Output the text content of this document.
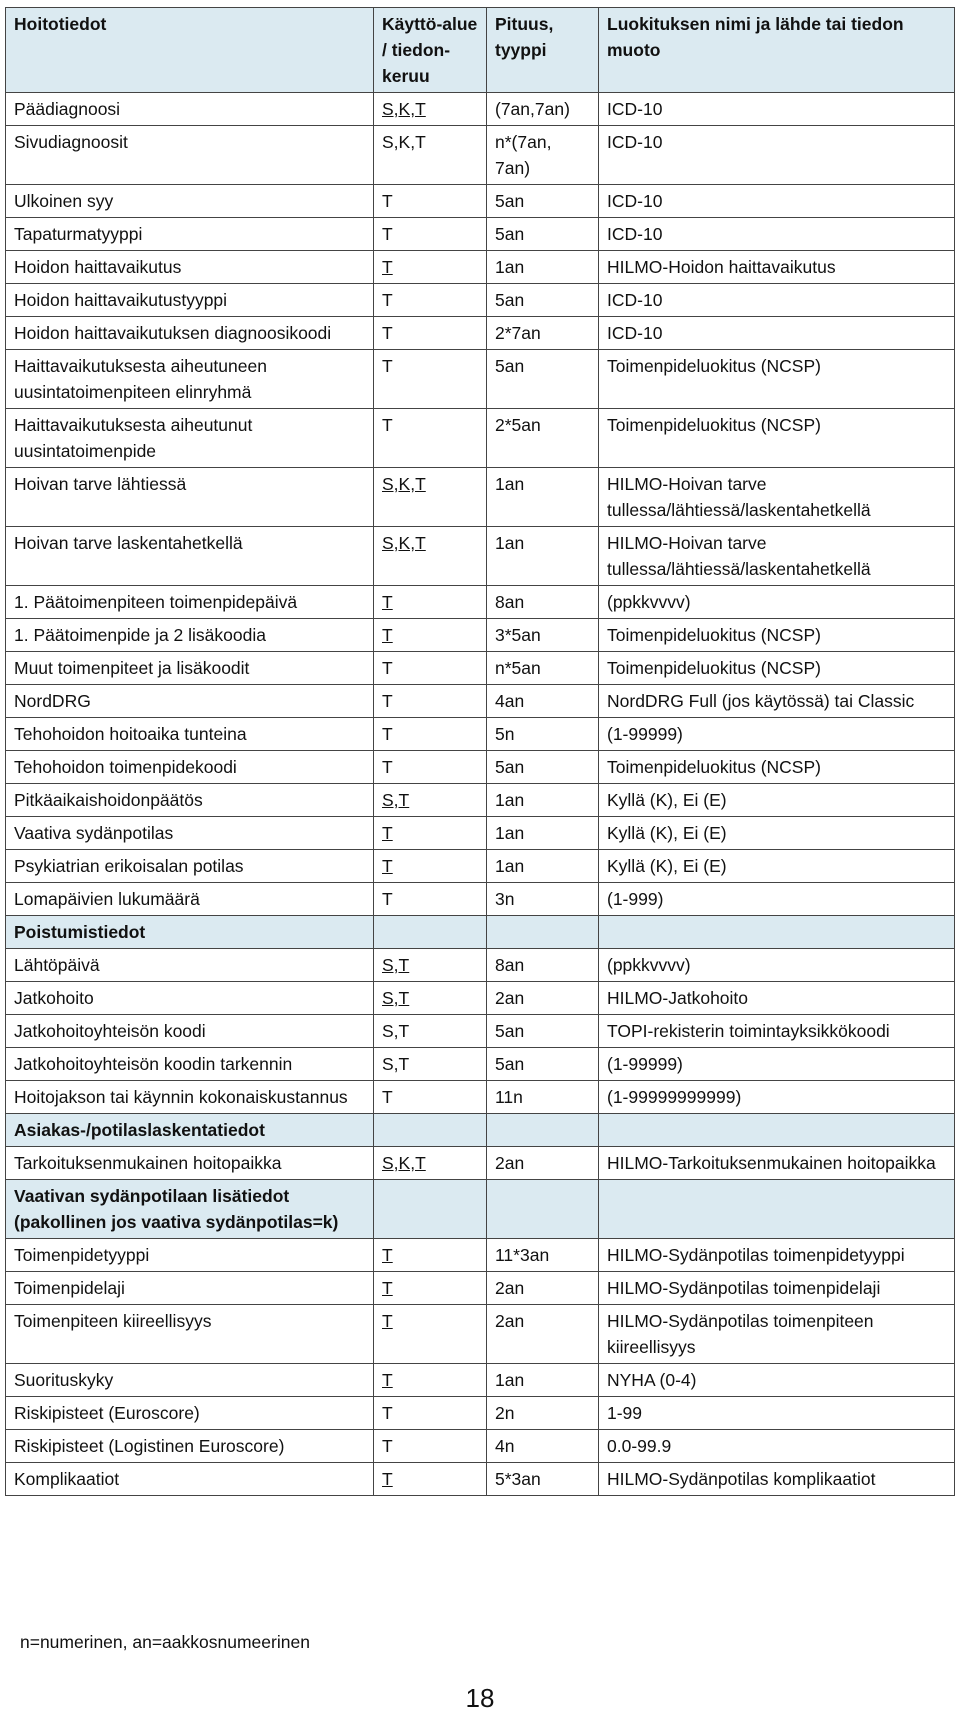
Hoitotiedot	Käyttö-alue / tiedon-keruu	Pituus, tyyppi	Luokituksen nimi ja lähde tai tiedon muoto
Päädiagnoosi	S,K,T	(7an,7an)	ICD-10
Sivudiagnoosit	S,K,T	n*(7an, 7an)	ICD-10
Ulkoinen syy	T	5an	ICD-10
Tapaturmatyyppi	T	5an	ICD-10
Hoidon haittavaikutus	T	1an	HILMO-Hoidon haittavaikutus
Hoidon haittavaikutustyyppi	T	5an	ICD-10
Hoidon haittavaikutuksen diagnoosikoodi	T	2*7an	ICD-10
Haittavaikutuksesta aiheutuneen uusintatoimenpiteen elinryhmä	T	5an	Toimenpideluokitus (NCSP)
Haittavaikutuksesta aiheutunut uusintatoimenpide	T	2*5an	Toimenpideluokitus (NCSP)
Hoivan tarve lähtiessä	S,K,T	1an	HILMO-Hoivan tarve tullessa/lähtiessä/laskentahetkellä
Hoivan tarve laskentahetkellä	S,K,T	1an	HILMO-Hoivan tarve tullessa/lähtiessä/laskentahetkellä
1. Päätoimenpiteen toimenpidepäivä	T	8an	(ppkkvvvv)
1. Päätoimenpide ja 2 lisäkoodia	T	3*5an	Toimenpideluokitus (NCSP)
Muut toimenpiteet ja lisäkoodit	T	n*5an	Toimenpideluokitus (NCSP)
NordDRG	T	4an	NordDRG Full (jos käytössä) tai Classic
Tehohoidon hoitoaika tunteina	T	5n	(1-99999)
Tehohoidon toimenpidekoodi	T	5an	Toimenpideluokitus (NCSP)
Pitkäaikaishoidonpäätös	S,T	1an	Kyllä (K), Ei (E)
Vaativa sydänpotilas	T	1an	Kyllä (K), Ei (E)
Psykiatrian erikoisalan potilas	T	1an	Kyllä (K), Ei (E)
Lomapäivien lukumäärä	T	3n	(1-999)
Poistumistiedot			
Lähtöpäivä	S,T	8an	(ppkkvvvv)
Jatkohoito	S,T	2an	HILMO-Jatkohoito
Jatkohoitoyhteisön koodi	S,T	5an	TOPI-rekisterin toimintayksikkökoodi
Jatkohoitoyhteisön koodin tarkennin	S,T	5an	(1-99999)
Hoitojakson tai käynnin kokonaiskustannus	T	11n	(1-99999999999)
Asiakas-/potilaslaskentatiedot			
Tarkoituksenmukainen hoitopaikka	S,K,T	2an	HILMO-Tarkoituksenmukainen hoitopaikka
Vaativan sydänpotilaan lisätiedot (pakollinen jos vaativa sydänpotilas=k)			
Toimenpidetyyppi	T	11*3an	HILMO-Sydänpotilas toimenpidetyyppi
Toimenpidelaji	T	2an	HILMO-Sydänpotilas toimenpidelaji
Toimenpiteen kiireellisyys	T	2an	HILMO-Sydänpotilas toimenpiteen kiireellisyys
Suorituskyky	T	1an	NYHA (0-4)
Riskipisteet (Euroscore)	T	2n	1-99
Riskipisteet (Logistinen Euroscore)	T	4n	0.0-99.9
Komplikaatiot	T	5*3an	HILMO-Sydänpotilas komplikaatiot
n=numerinen, an=aakkosnumeerinen
18
